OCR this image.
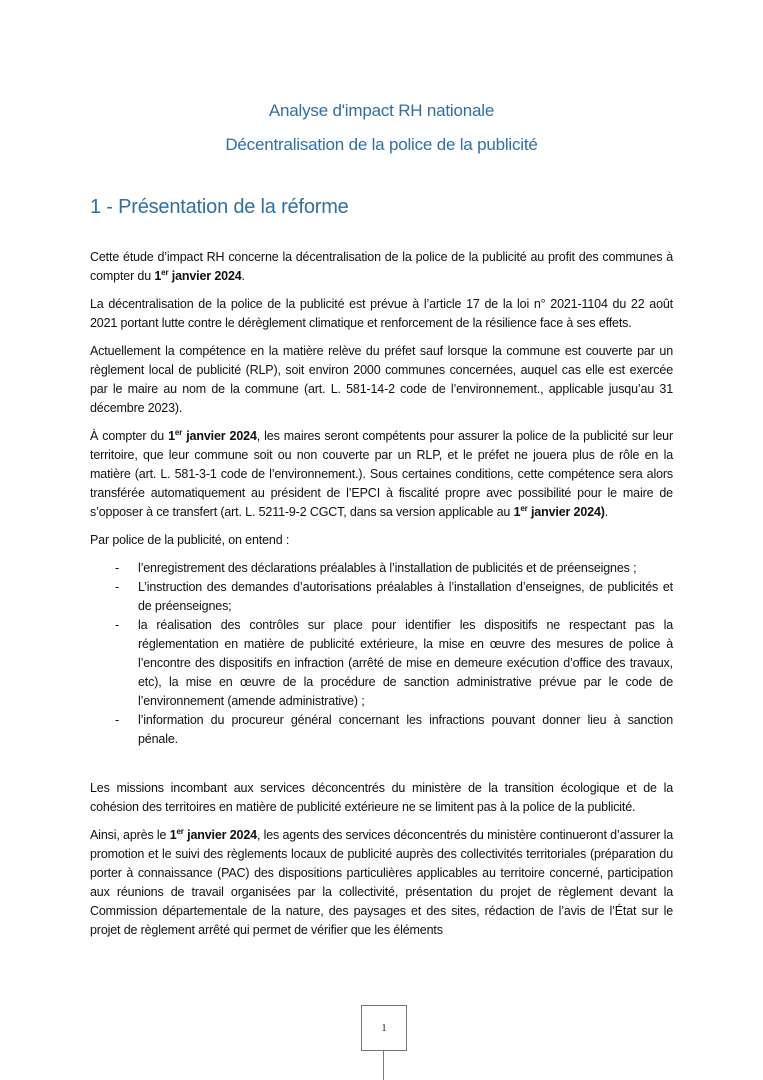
Analyse d'impact RH nationale
Décentralisation de la police de la publicité
1 - Présentation de la réforme

Cette étude d’impact RH concerne la décentralisation de la police de la publicité au profit des communes à compter du 1er janvier 2024.

La décentralisation de la police de la publicité est prévue à l’article 17 de la loi n° 2021-1104 du 22 août 2021 portant lutte contre le dérèglement climatique et renforcement de la résilience face à ses effets.

Actuellement la compétence en la matière relève du préfet sauf lorsque la commune est couverte par un règlement local de publicité (RLP), soit environ 2000 communes concernées, auquel cas elle est exercée par le maire au nom de la commune (art. L. 581-14-2 code de l’environnement., applicable jusqu’au 31 décembre 2023).

À compter du 1er janvier 2024, les maires seront compétents pour assurer la police de la publicité sur leur territoire, que leur commune soit ou non couverte par un RLP, et le préfet ne jouera plus de rôle en la matière (art. L. 581-3-1 code de l’environnement.). Sous certaines conditions, cette compétence sera alors transférée automatiquement au président de l’EPCI à fiscalité propre avec possibilité pour le maire de s’opposer à ce transfert (art. L. 5211-9-2 CGCT, dans sa version applicable au 1er janvier 2024).

Par police de la publicité, on entend :

- l’enregistrement des déclarations préalables à l’installation de publicités et de préenseignes ;
- L’instruction des demandes d’autorisations préalables à l’installation d’enseignes, de publicités et de préenseignes;
- la réalisation des contrôles sur place pour identifier les dispositifs ne respectant pas la réglementation en matière de publicité extérieure, la mise en œuvre des mesures de police à l’encontre des dispositifs en infraction (arrêté de mise en demeure exécution d’office des travaux, etc), la mise en œuvre de la procédure de sanction administrative prévue par le code de l’environnement (amende administrative) ;
- l’information du procureur général concernant les infractions pouvant donner lieu à sanction pénale.

Les missions incombant aux services déconcentrés du ministère de la transition écologique et de la cohésion des territoires en matière de publicité extérieure ne se limitent pas à la police de la publicité.

Ainsi, après le 1er janvier 2024, les agents des services déconcentrés du ministère continueront d’assurer la promotion et le suivi des règlements locaux de publicité auprès des collectivités territoriales (préparation du porter à connaissance (PAC) des dispositions particulières applicables au territoire concerné, participation aux réunions de travail organisées par la collectivité, présentation du projet de règlement devant la Commission départementale de la nature, des paysages et des sites, rédaction de l’avis de l’État sur le projet de règlement arrêté qui permet de vérifier que les éléments

1
